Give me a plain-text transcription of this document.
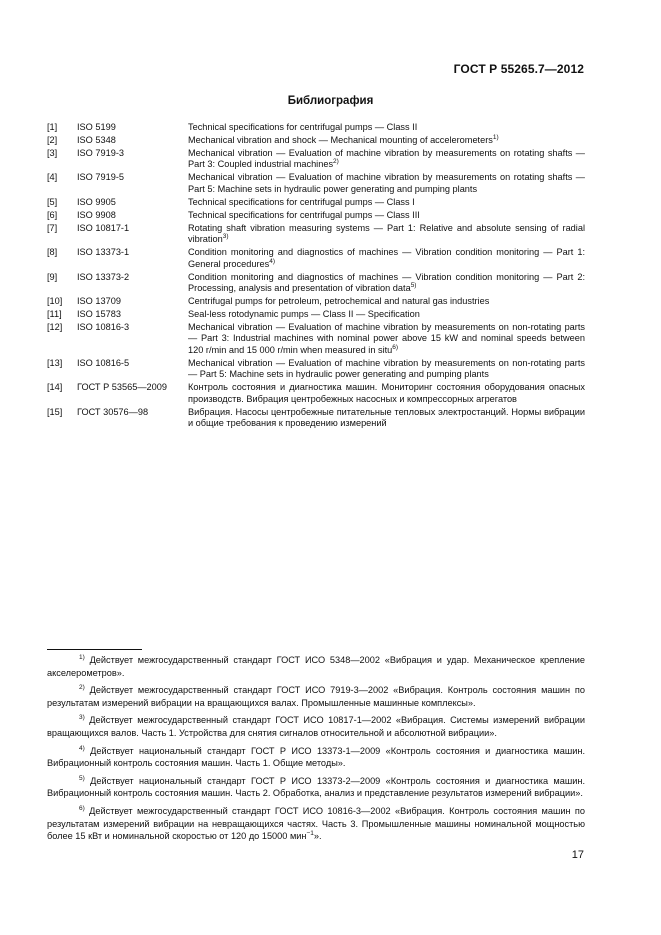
ГОСТ Р 55265.7—2012
Библиография
[1]	ISO 5199	Technical specifications for centrifugal pumps — Class II
[2]	ISO 5348	Mechanical vibration and shock — Mechanical mounting of accelerometers$^{1)}$
[3]	ISO 7919-3	Mechanical vibration — Evaluation of machine vibration by measurements on rotating shafts — Part 3: Coupled industrial machines$^{2)}$
[4]	ISO 7919-5	Mechanical vibration — Evaluation of machine vibration by measurements on rotating shafts — Part 5: Machine sets in hydraulic power generating and pumping plants
[5]	ISO 9905	Technical specifications for centrifugal pumps — Class I
[6]	ISO 9908	Technical specifications for centrifugal pumps — Class III
[7]	ISO 10817-1	Rotating shaft vibration measuring systems — Part 1: Relative and absolute sensing of radial vibration$^{3)}$
[8]	ISO 13373-1	Condition monitoring and diagnostics of machines — Vibration condition monitoring — Part 1: General procedures$^{4)}$
[9]	ISO 13373-2	Condition monitoring and diagnostics of machines — Vibration condition monitoring — Part 2: Processing, analysis and presentation of vibration data$^{5)}$
[10]	ISO 13709	Centrifugal pumps for petroleum, petrochemical and natural gas industries
[11]	ISO 15783	Seal-less rotodynamic pumps — Class II — Specification
[12]	ISO 10816-3	Mechanical vibration — Evaluation of machine vibration by measurements on non-rotating parts — Part 3: Industrial machines with nominal power above 15 kW and nominal speeds between 120 r/min and 15 000 r/min when measured in situ$^{6)}$
[13]	ISO 10816-5	Mechanical vibration — Evaluation of machine vibration by measurements on non-rotating parts — Part 5: Machine sets in hydraulic power generating and pumping plants
[14]	ГОСТ Р 53565—2009	Контроль состояния и диагностика машин. Мониторинг состояния оборудования опасных производств. Вибрация центробежных насосных и компрессорных агрегатов
[15]	ГОСТ 30576—98	Вибрация. Насосы центробежные питательные тепловых электростанций. Нормы вибрации и общие требования к проведению измерений
$^{1)}$ Действует межгосударственный стандарт ГОСТ ИСО 5348—2002 «Вибрация и удар. Механическое крепление акселерометров».
$^{2)}$ Действует межгосударственный стандарт ГОСТ ИСО 7919-3—2002 «Вибрация. Контроль состояния машин по результатам измерений вибрации на вращающихся валах. Промышленные машинные комплексы».
$^{3)}$ Действует межгосударственный стандарт ГОСТ ИСО 10817-1—2002 «Вибрация. Системы измерений вибрации вращающихся валов. Часть 1. Устройства для снятия сигналов относительной и абсолютной вибрации».
$^{4)}$ Действует национальный стандарт ГОСТ Р ИСО 13373-1—2009 «Контроль состояния и диагностика машин. Вибрационный контроль состояния машин. Часть 1. Общие методы».
$^{5)}$ Действует национальный стандарт ГОСТ Р ИСО 13373-2—2009 «Контроль состояния и диагностика машин. Вибрационный контроль состояния машин. Часть 2. Обработка, анализ и представление результатов измерений вибрации».
$^{6)}$ Действует межгосударственный стандарт ГОСТ ИСО 10816-3—2002 «Вибрация. Контроль состояния машин по результатам измерений вибрации на невращающихся частях. Часть 3. Промышленные машины номинальной мощностью более 15 кВт и номинальной скоростью от 120 до 15000 мин$^{-1}$».
17
